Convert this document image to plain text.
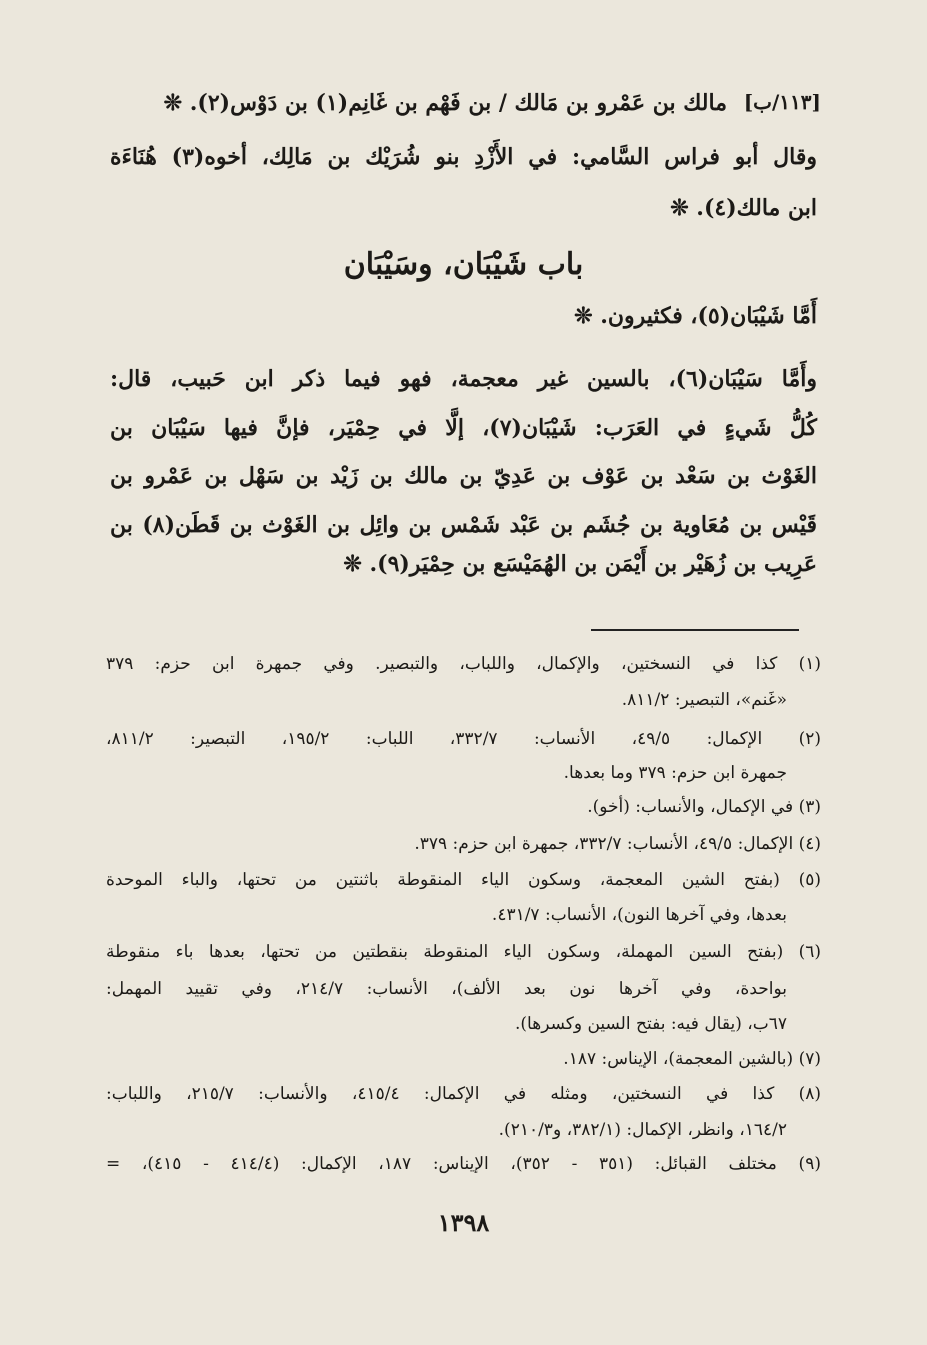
[١١٣/ب]
مالك بن عَمْرو بن مَالك / بن فَهْم بن غَانِم(١) بن دَوْس(٢). ❊
وقال أبو فراس السَّامي: في الأَزْدِ بنو شُرَيْك بن مَالِك، أخوه(٣) هُنَاءَة
ابن مالك(٤). ❊
باب شَيْبَان، وسَيْبَان
أَمَّا شَيْبَان(٥)، فكثيرون. ❊
وأَمَّا سَيْبَان(٦)، بالسين غير معجمة، فهو فيما ذكر ابن حَبيب، قال:
كُلُّ شَيءٍ في العَرَب: شَيْبَان(٧)، إلَّا في حِمْيَر، فإنَّ فيها سَيْبَان بن
الغَوْث بن سَعْد بن عَوْف بن عَدِيّ بن مالك بن زَيْد بن سَهْل بن عَمْرو بن
قَيْس بن مُعَاوية بن جُشَم بن عَبْد شَمْس بن وائِل بن الغَوْث بن قَطَن(٨) بن
عَرِيب بن زُهَيْر بن أَيْمَن بن الهُمَيْسَع بن حِمْيَر(٩). ❊
(١) كذا في النسختين، والإكمال، واللباب، والتبصير. وفي جمهرة ابن حزم: ٣٧٩
«غَنم»، التبصير: ٨١١/٢.
(٢) الإكمال: ٤٩/٥، الأنساب: ٣٣٢/٧، اللباب: ١٩٥/٢، التبصير: ٨١١/٢،
جمهرة ابن حزم: ٣٧٩ وما بعدها.
(٣) في الإكمال، والأنساب: (أخو).
(٤) الإكمال: ٤٩/٥، الأنساب: ٣٣٢/٧، جمهرة ابن حزم: ٣٧٩.
(٥) (بفتح الشين المعجمة، وسكون الياء المنقوطة باثنتين من تحتها، والباء الموحدة
بعدها، وفي آخرها النون)، الأنساب: ٤٣١/٧.
(٦) (بفتح السين المهملة، وسكون الياء المنقوطة بنقطتين من تحتها، بعدها باء منقوطة
بواحدة، وفي آخرها نون بعد الألف)، الأنساب: ٢١٤/٧، وفي تقييد المهمل:
٦٧ب، (يقال فيه: بفتح السين وكسرها).
(٧) (بالشين المعجمة)، الإيناس: ١٨٧.
(٨) كذا في النسختين، ومثله في الإكمال: ٤١٥/٤، والأنساب: ٢١٥/٧، واللباب:
١٦٤/٢، وانظر، الإكمال: (٣٨٢/١، و٢١٠/٣).
(٩) مختلف القبائل: (٣٥١ - ٣٥٢)، الإيناس: ١٨٧، الإكمال: (٤١٤/٤ - ٤١٥)، =
١٣٩٨
